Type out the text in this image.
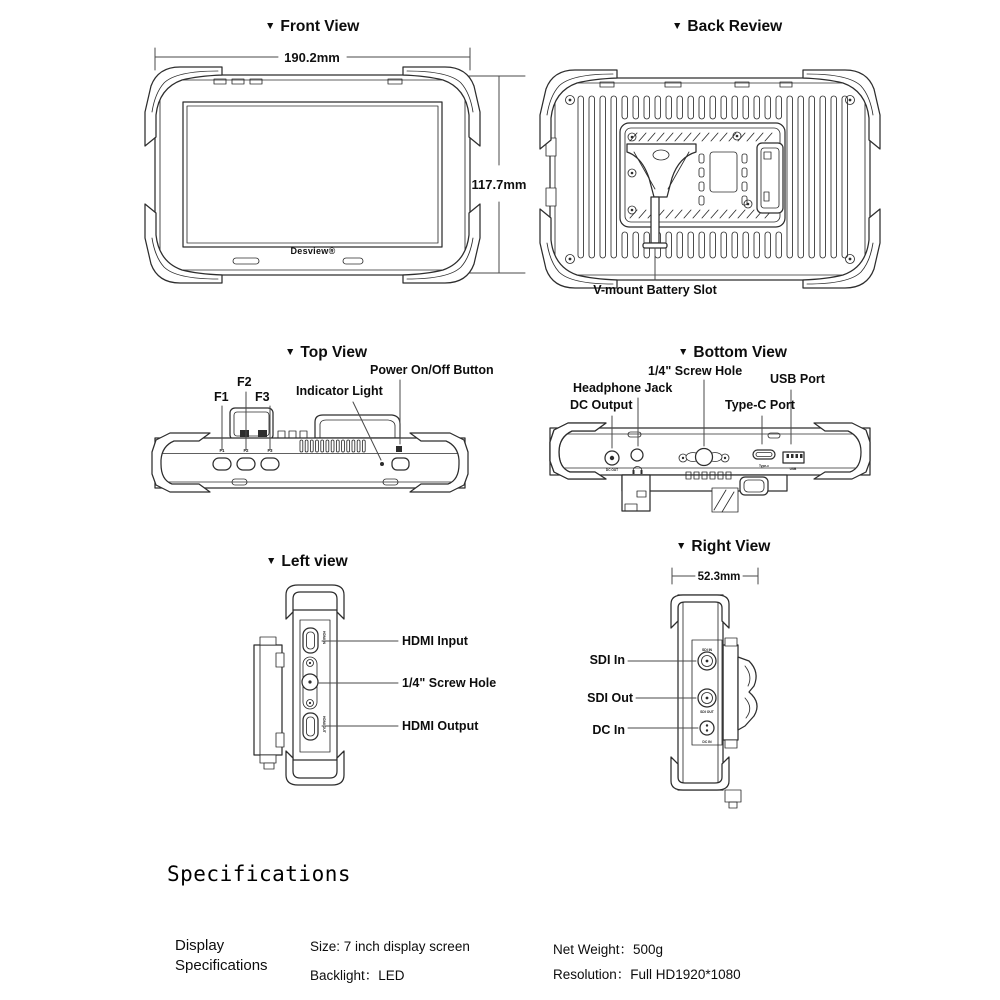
▼ Front View
190.2mm
117.7mm
Desview®
▼ Back Review
V-mount Battery Slot
▼ Top View
F1	F2	F3
F1
F2
F3 Indicator Light
Power On/Off Button
▼ Bottom View
DC OUT
Type-c
USB
1/4" Screw Hole
Headphone Jack
USB Port
DC Output	Type-C Port
▼ Left view
HDMI IN
HDMI OUT
HDMI Input
1/4" Screw Hole
HDMI Output
▼ Right View
52.3mm
SDI IN
SDI OUT
DC IN
SDI In
SDI Out
DC In
Specifications
Display
Specifications
Size: 7 inch display screen
Backlight：LED
Net Weight：500g
Resolution：Full HD1920*1080
